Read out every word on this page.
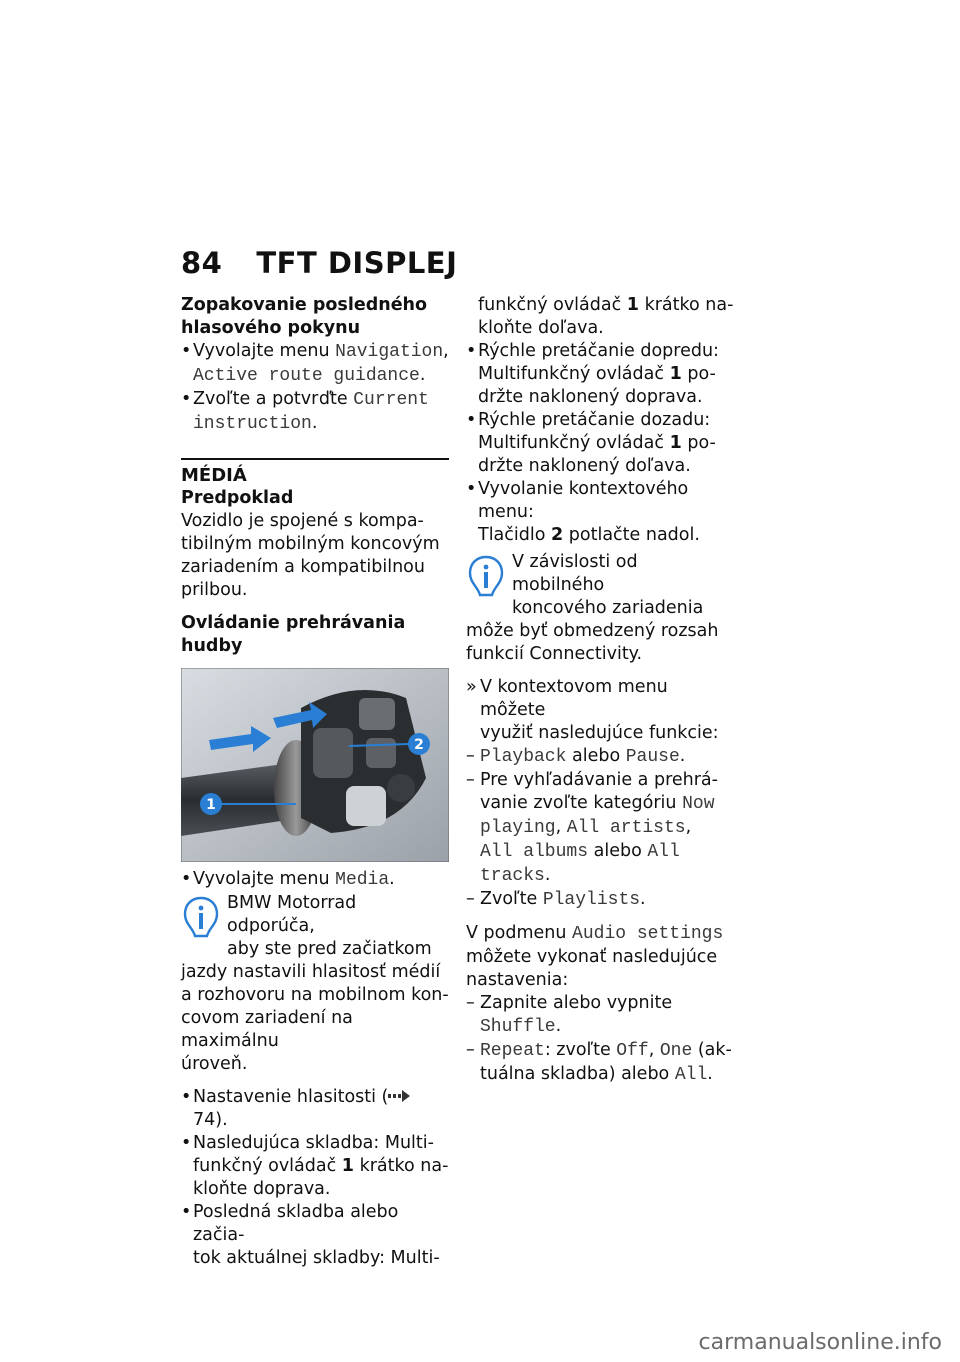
84 TFT DISPLEJ
Zopakovanie posledného
hlasového pokynu
• Vyvolajte menu Navigation,
Active route guidance.
• Zvoľte a potvrďte Current
instruction.
MÉDIÁ
Predpoklad
Vozidlo je spojené s kompa-
tibilným mobilným koncovým
zariadením a kompatibilnou
prilbou.
Ovládanie prehrávania hudby
1
2
• Vyvolajte menu Media.
BMW Motorrad odporúča,
aby ste pred začiatkom
jazdy nastavili hlasitosť médií
a rozhovoru na mobilnom kon-
covom zariadení na maximálnu
úroveň.
• Nastavenie hlasitosti (
74).
• Nasledujúca skladba: Multi-
funkčný ovládač 1 krátko na-
kloňte doprava.
• Posledná skladba alebo začia-
tok aktuálnej skladby: Multi-
funkčný ovládač 1 krátko na-
kloňte doľava.
• Rýchle pretáčanie dopredu:
Multifunkčný ovládač 1 po-
držte naklonený doprava.
• Rýchle pretáčanie dozadu:
Multifunkčný ovládač 1 po-
držte naklonený doľava.
• Vyvolanie kontextového menu:
Tlačidlo 2 potlačte nadol.
V závislosti od mobilného
koncového zariadenia
môže byť obmedzený rozsah
funkcií Connectivity.
» V kontextovom menu môžete
využiť nasledujúce funkcie:
– Playback alebo Pause.
– Pre vyhľadávanie a prehrá-
vanie zvoľte kategóriu Now
playing, All artists,
All albums alebo All
tracks.
– Zvoľte Playlists.
V podmenu Audio settings
môžete vykonať nasledujúce
nastavenia:
– Zapnite alebo vypnite
Shuffle.
– Repeat: zvoľte Off, One (ak-
tuálna skladba) alebo All.
carmanualsonline.info
